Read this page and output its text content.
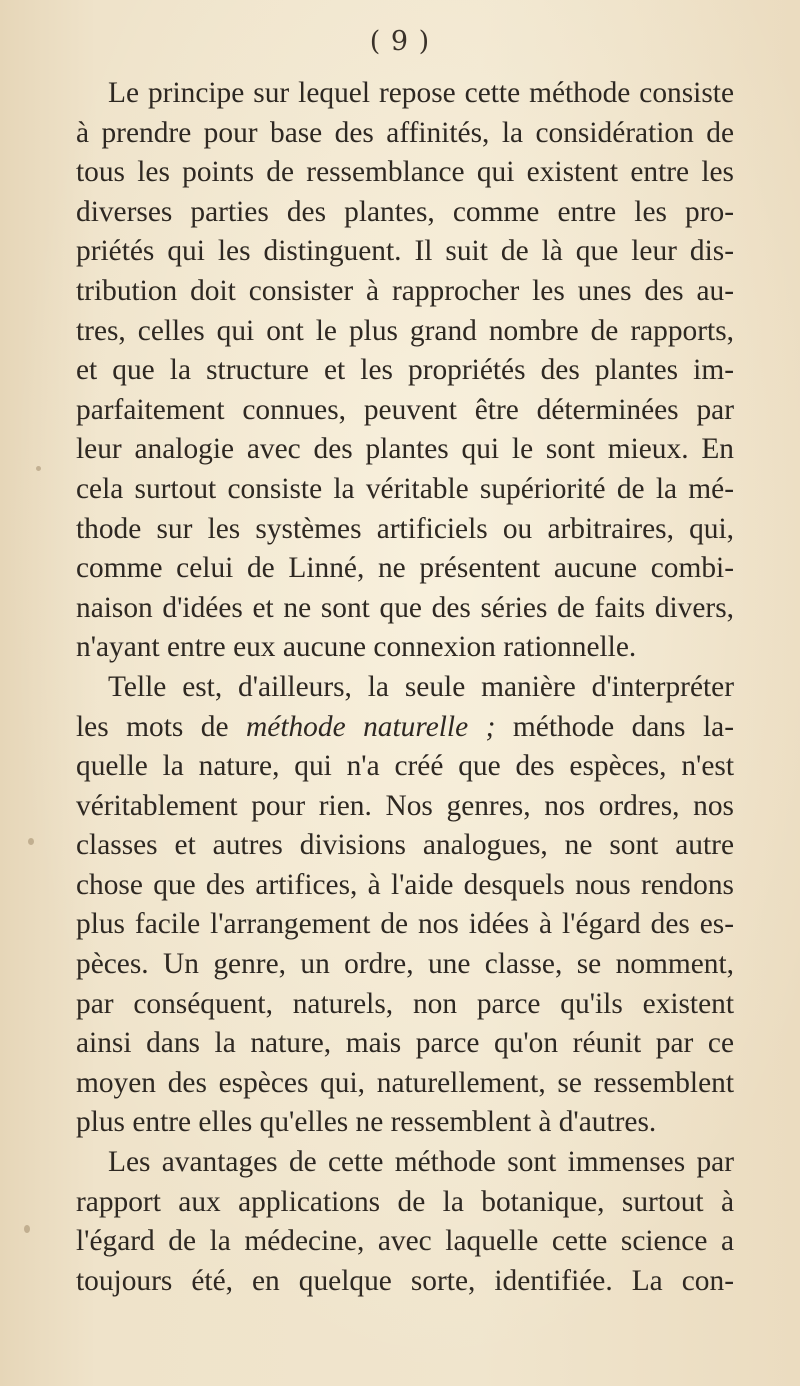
( 9 )
Le principe sur lequel repose cette méthode consiste
à prendre pour base des affinités, la considération de
tous les points de ressemblance qui existent entre les
diverses parties des plantes, comme entre les pro-
priétés qui les distinguent. Il suit de là que leur dis-
tribution doit consister à rapprocher les unes des au-
tres, celles qui ont le plus grand nombre de rapports,
et que la structure et les propriétés des plantes im-
parfaitement connues, peuvent être déterminées par
leur analogie avec des plantes qui le sont mieux. En
cela surtout consiste la véritable supériorité de la mé-
thode sur les systèmes artificiels ou arbitraires, qui,
comme celui de Linné, ne présentent aucune combi-
naison d'idées et ne sont que des séries de faits divers,
n'ayant entre eux aucune connexion rationnelle.
Telle est, d'ailleurs, la seule manière d'interpréter
les mots de méthode naturelle ; méthode dans la-
quelle la nature, qui n'a créé que des espèces, n'est
véritablement pour rien. Nos genres, nos ordres, nos
classes et autres divisions analogues, ne sont autre
chose que des artifices, à l'aide desquels nous rendons
plus facile l'arrangement de nos idées à l'égard des es-
pèces. Un genre, un ordre, une classe, se nomment,
par conséquent, naturels, non parce qu'ils existent
ainsi dans la nature, mais parce qu'on réunit par ce
moyen des espèces qui, naturellement, se ressemblent
plus entre elles qu'elles ne ressemblent à d'autres.
Les avantages de cette méthode sont immenses par
rapport aux applications de la botanique, surtout à
l'égard de la médecine, avec laquelle cette science a
toujours été, en quelque sorte, identifiée. La con-
